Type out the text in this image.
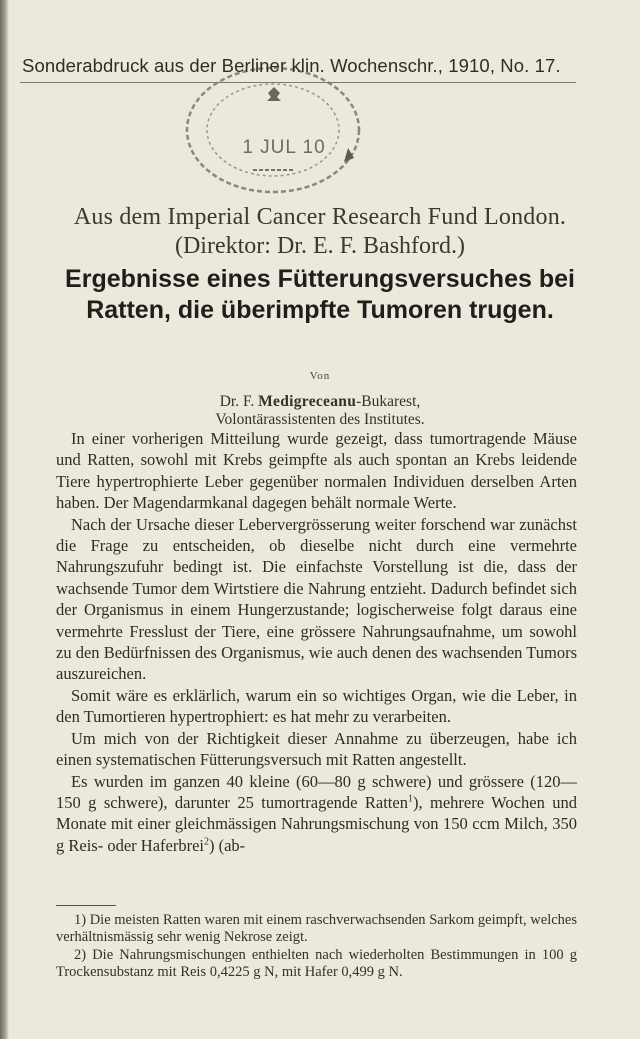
1 JUL 10
Sonderabdruck aus der Berliner klin. Wochenschr., 1910, No. 17.
Aus dem Imperial Cancer Research Fund London.
(Direktor: Dr. E. F. Bashford.)
Ergebnisse eines Fütterungsversuches bei
Ratten, die überimpfte Tumoren trugen.
Von
Dr. F. Medigreceanu-Bukarest,
Volontärassistenten des Institutes.

In einer vorherigen Mitteilung wurde gezeigt, dass tumortragende Mäuse und Ratten, sowohl mit Krebs geimpfte als auch spontan an Krebs leidende Tiere hypertrophierte Leber gegenüber normalen Individuen derselben Arten haben. Der Magendarmkanal dagegen behält normale Werte.

Nach der Ursache dieser Lebervergrösserung weiter forschend war zunächst die Frage zu entscheiden, ob dieselbe nicht durch eine vermehrte Nahrungszufuhr bedingt ist. Die einfachste Vorstellung ist die, dass der wachsende Tumor dem Wirtstiere die Nahrung entzieht. Dadurch befindet sich der Organismus in einem Hungerzustande; logischerweise folgt daraus eine vermehrte Fresslust der Tiere, eine grössere Nahrungsaufnahme, um sowohl zu den Bedürfnissen des Organismus, wie auch denen des wachsenden Tumors auszureichen.

Somit wäre es erklärlich, warum ein so wichtiges Organ, wie die Leber, in den Tumortieren hypertrophiert: es hat mehr zu verarbeiten.

Um mich von der Richtigkeit dieser Annahme zu überzeugen, habe ich einen systematischen Fütterungsversuch mit Ratten angestellt.

Es wurden im ganzen 40 kleine (60—80 g schwere) und grössere (120—150 g schwere), darunter 25 tumortragende Ratten$^1$), mehrere Wochen und Monate mit einer gleichmässigen Nahrungsmischung von 150 ccm Milch, 350 g Reis- oder Haferbrei$^2$) (ab-

1) Die meisten Ratten waren mit einem raschverwachsenden Sarkom geimpft, welches verhältnismässig sehr wenig Nekrose zeigt.

2) Die Nahrungsmischungen enthielten nach wiederholten Bestimmungen in 100 g Trockensubstanz mit Reis 0,4225 g N, mit Hafer 0,499 g N.
